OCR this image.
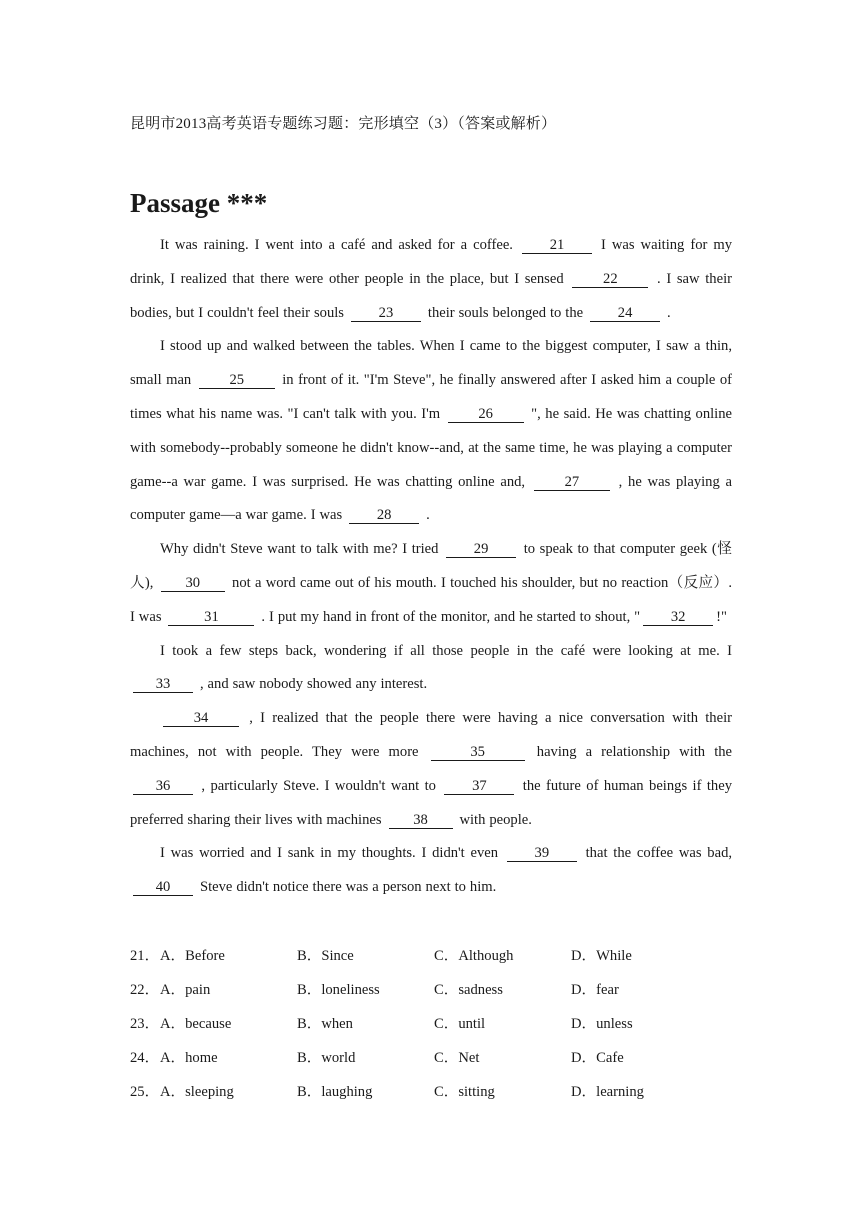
昆明市2013高考英语专题练习题：完形填空（3）（答案或解析）
Passage ***

It was raining. I went into a café and asked for a coffee.	21	I was waiting for my drink, I realized that there were other people in the place, but I sensed	22	. I saw their bodies, but I couldn't feel their souls 23 their souls belonged to the 24 .

I stood up and walked between the tables. When I came to the biggest computer, I saw a thin, small man	25	in front of it. "I'm Steve", he finally answered after I asked him a couple of times what his name was. "I can't talk with you. I'm	26	", he said. He was chatting online with somebody--probably someone he didn't know--and, at the same time, he was playing a computer game--a war game. I was surprised. He was chatting online and,	27	, he was playing a computer game—a war game. I was 28 .

Why didn't Steve want to talk with me? I tried 29 to speak to that computer geek (怪人), 30 not a word came out of his mouth. I touched his shoulder, but no reaction（反应）. I was	31	. I put my hand in front of the monitor, and he started to shout, " 32 !"

I took a few steps back, wondering if all those people in the café were looking at me. I 33 , and saw nobody showed any interest.

34	, I realized that the people there were having a nice conversation with their machines, not with people. They were more	35	having a relationship with the 36 , particularly Steve. I wouldn't want to 37 the future of human beings if they preferred sharing their lives with machines 38 with people.

I was worried and I sank in my thoughts. I didn't even 39 that the coffee was bad, 40 Steve didn't notice there was a person next to him.

21． A．Before	B．Since	C．Although	D．While
22． A．pain	B．loneliness	C．sadness	D．fear
23． A．because	B．when	C．until	D．unless
24． A．home	B．world	C．Net	D．Cafe
25． A．sleeping	B．laughing	C．sitting	D．learning
